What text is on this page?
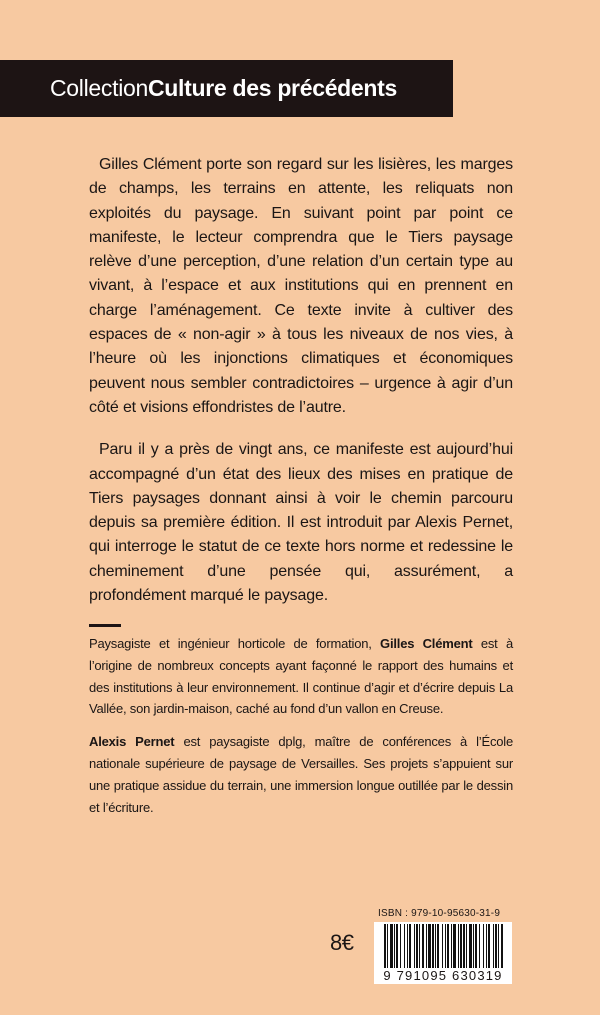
Collection Culture des précédents

Gilles Clément porte son regard sur les lisières, les marges de champs, les terrains en attente, les reliquats non exploités du paysage. En suivant point par point ce manifeste, le lecteur comprendra que le Tiers paysage relève d’une perception, d’une relation d’un certain type au vivant, à l’espace et aux institutions qui en prennent en charge l’aménagement. Ce texte invite à cultiver des espaces de « non-agir » à tous les niveaux de nos vies, à l’heure où les injonctions climatiques et économiques peuvent nous sembler contradictoires – urgence à agir d’un côté et visions effondristes de l’autre.

Paru il y a près de vingt ans, ce manifeste est aujourd’hui accompagné d’un état des lieux des mises en pratique de Tiers paysages donnant ainsi à voir le chemin parcouru depuis sa première édition. Il est introduit par Alexis Pernet, qui interroge le statut de ce texte hors norme et redessine le cheminement d’une pensée qui, assurément, a profondément marqué le paysage.

Paysagiste et ingénieur horticole de formation, Gilles Clément est à l’origine de nombreux concepts ayant façonné le rapport des humains et des institutions à leur environnement. Il continue d’agir et d’écrire depuis La Vallée, son jardin-maison, caché au fond d’un vallon en Creuse.

Alexis Pernet est paysagiste dplg, maître de conférences à l’École nationale supérieure de paysage de Versailles. Ses projets s’appuient sur une pratique assidue du terrain, une immersion longue outillée par le dessin et l’écriture.

ISBN : 979-10-95630-31-9
8€
9 791095 630319
